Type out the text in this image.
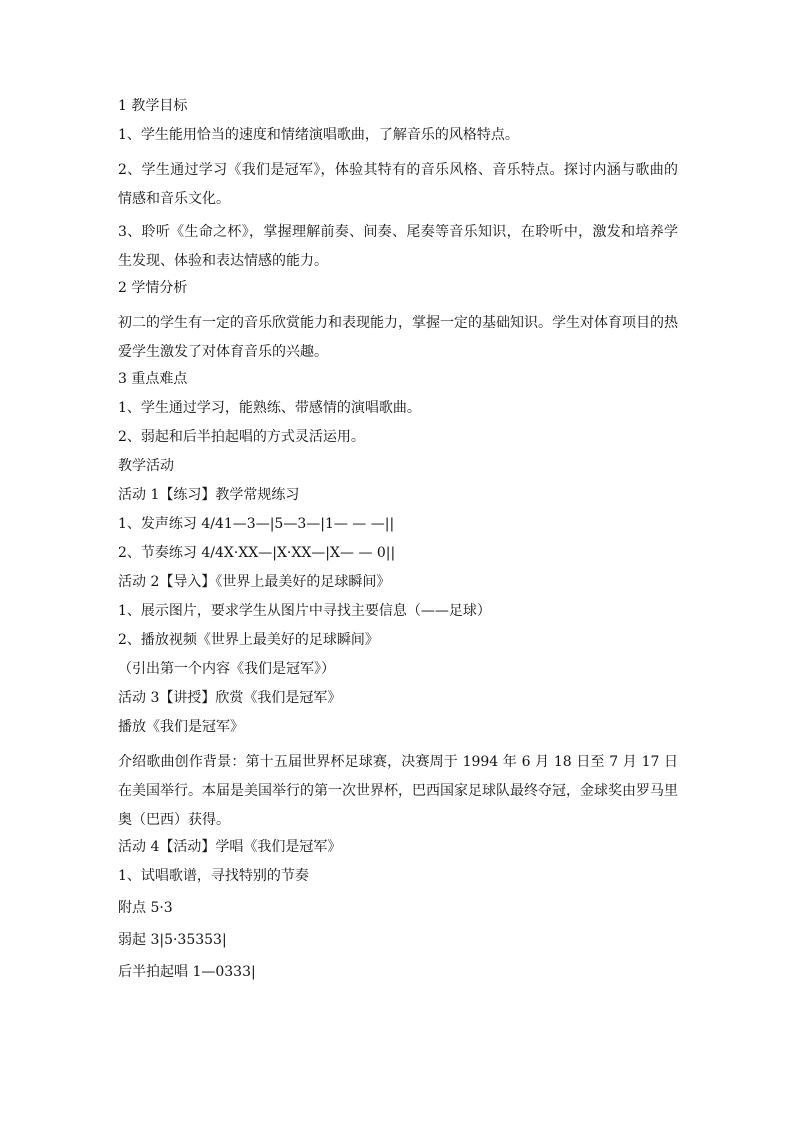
1 教学目标
1、学生能用恰当的速度和情绪演唱歌曲，了解音乐的风格特点。
2、学生通过学习《我们是冠军》，体验其特有的音乐风格、音乐特点。探讨内涵与歌曲的情感和音乐文化。
3、聆听《生命之杯》，掌握理解前奏、间奏、尾奏等音乐知识，在聆听中，激发和培养学生发现、体验和表达情感的能力。
2 学情分析
初二的学生有一定的音乐欣赏能力和表现能力，掌握一定的基础知识。学生对体育项目的热爱学生激发了对体育音乐的兴趣。
3 重点难点
1、学生通过学习，能熟练、带感情的演唱歌曲。
2、弱起和后半拍起唱的方式灵活运用。
教学活动
活动 1【练习】教学常规练习
1、发声练习 4/41—3—|5—3—|1— — —||
2、节奏练习 4/4X·XX—|X·XX—|X— — 0||
活动 2【导入】《世界上最美好的足球瞬间》
1、展示图片，要求学生从图片中寻找主要信息（——足球）
2、播放视频《世界上最美好的足球瞬间》
（引出第一个内容《我们是冠军》）
活动 3【讲授】欣赏《我们是冠军》
播放《我们是冠军》
介绍歌曲创作背景：第十五届世界杯足球赛，决赛周于 1994 年 6 月 18 日至 7 月 17 日在美国举行。本届是美国举行的第一次世界杯，巴西国家足球队最终夺冠，金球奖由罗马里奥（巴西）获得。
活动 4【活动】学唱《我们是冠军》
1、试唱歌谱，寻找特别的节奏
附点 5·3
弱起 3|5·35353|
后半拍起唱 1—0333|
